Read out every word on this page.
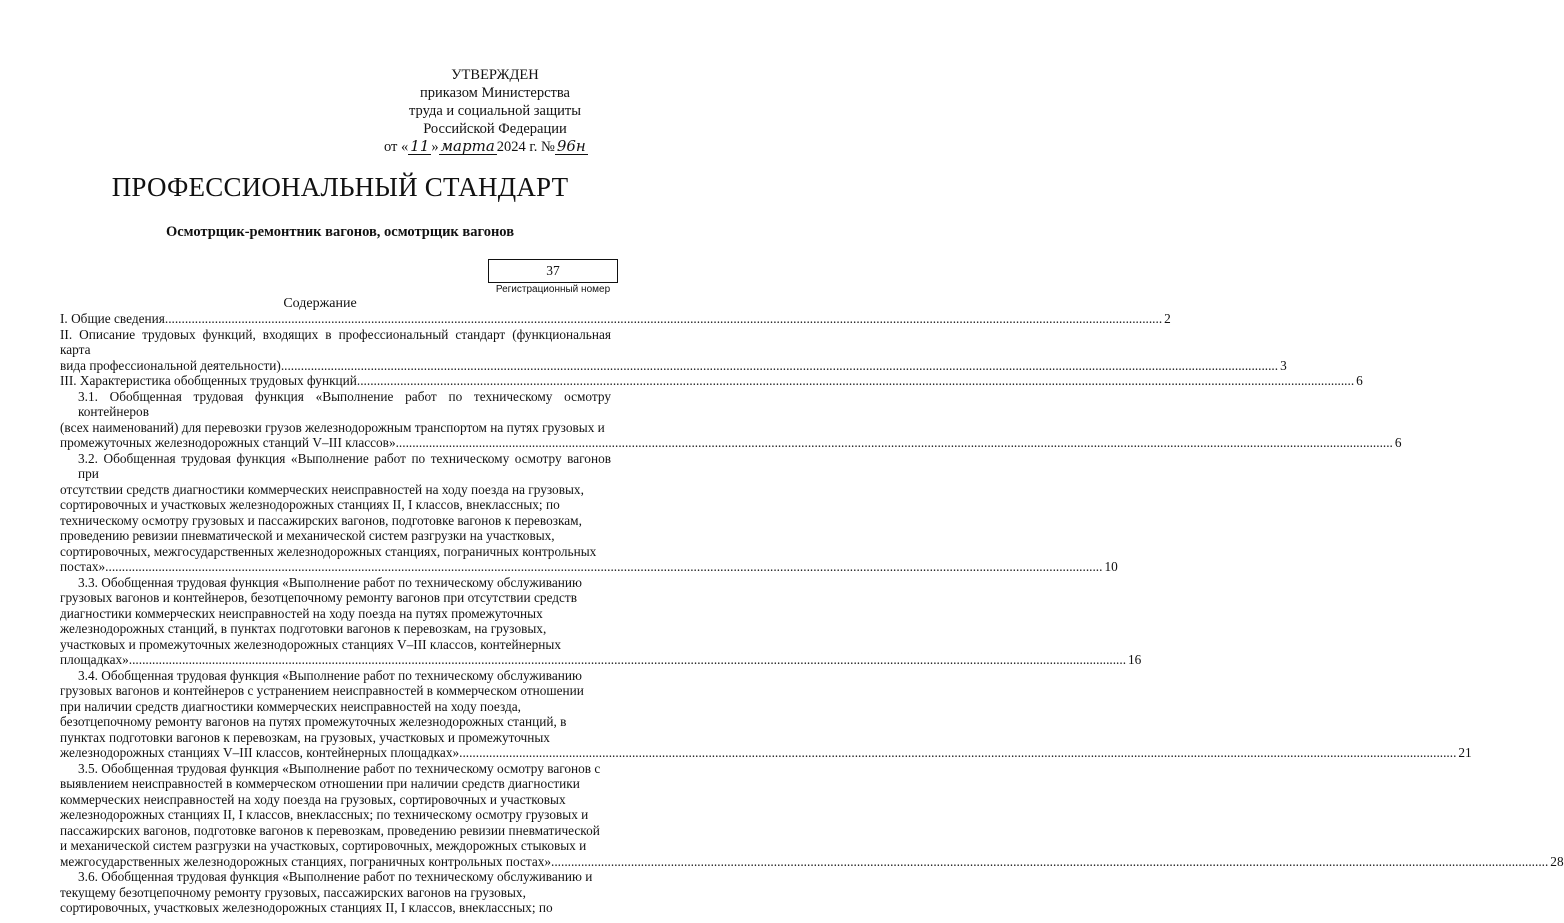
УТВЕРЖДЕН
приказом Министерства
труда и социальной защиты
Российской Федерации
от « 11 » марта 2024 г. № 96н
ПРОФЕССИОНАЛЬНЫЙ СТАНДАРТ
Осмотрщик-ремонтник вагонов, осмотрщик вагонов
37
Регистрационный номер
Содержание
I. Общие сведения ............................................................................................................................................................................................................................................................................................................ 2
II. Описание трудовых функций, входящих в профессиональный стандарт (функциональная карта
вида профессиональной деятельности) ............................................................................................................................................................................................................................................................................................................ 3
III. Характеристика обобщенных трудовых функций ............................................................................................................................................................................................................................................................................................................ 6
3.1. Обобщенная трудовая функция «Выполнение работ по техническому осмотру контейнеров
(всех наименований) для перевозки грузов железнодорожным транспортом на путях грузовых и
промежуточных железнодорожных станций V–III классов» ............................................................................................................................................................................................................................................................................................................ 6
3.2. Обобщенная трудовая функция «Выполнение работ по техническому осмотру вагонов при
отсутствии средств диагностики коммерческих неисправностей на ходу поезда на грузовых,
сортировочных и участковых железнодорожных станциях II, I классов, внеклассных; по
техническому осмотру грузовых и пассажирских вагонов, подготовке вагонов к перевозкам,
проведению ревизии пневматической и механической систем разгрузки на участковых,
сортировочных, межгосударственных железнодорожных станциях, пограничных контрольных
постах» ............................................................................................................................................................................................................................................................................................................ 10
3.3. Обобщенная трудовая функция «Выполнение работ по техническому обслуживанию
грузовых вагонов и контейнеров, безотцепочному ремонту вагонов при отсутствии средств
диагностики коммерческих неисправностей на ходу поезда на путях промежуточных
железнодорожных станций, в пунктах подготовки вагонов к перевозкам, на грузовых,
участковых и промежуточных железнодорожных станциях V–III классов, контейнерных
площадках» ............................................................................................................................................................................................................................................................................................................ 16
3.4. Обобщенная трудовая функция «Выполнение работ по техническому обслуживанию
грузовых вагонов и контейнеров с устранением неисправностей в коммерческом отношении
при наличии средств диагностики коммерческих неисправностей на ходу поезда,
безотцепочному ремонту вагонов на путях промежуточных железнодорожных станций, в
пунктах подготовки вагонов к перевозкам, на грузовых, участковых и промежуточных
железнодорожных станциях V–III классов, контейнерных площадках» ............................................................................................................................................................................................................................................................................................................ 21
3.5. Обобщенная трудовая функция «Выполнение работ по техническому осмотру вагонов с
выявлением неисправностей в коммерческом отношении при наличии средств диагностики
коммерческих неисправностей на ходу поезда на грузовых, сортировочных и участковых
железнодорожных станциях II, I классов, внеклассных; по техническому осмотру грузовых и
пассажирских вагонов, подготовке вагонов к перевозкам, проведению ревизии пневматической
и механической систем разгрузки на участковых, сортировочных, междорожных стыковых и
межгосударственных железнодорожных станциях, пограничных контрольных постах» ............................................................................................................................................................................................................................................................................................................ 28
3.6. Обобщенная трудовая функция «Выполнение работ по техническому обслуживанию и
текущему безотцепочному ремонту грузовых, пассажирских вагонов на грузовых,
сортировочных, участковых железнодорожных станциях II, I классов, внеклассных; по
